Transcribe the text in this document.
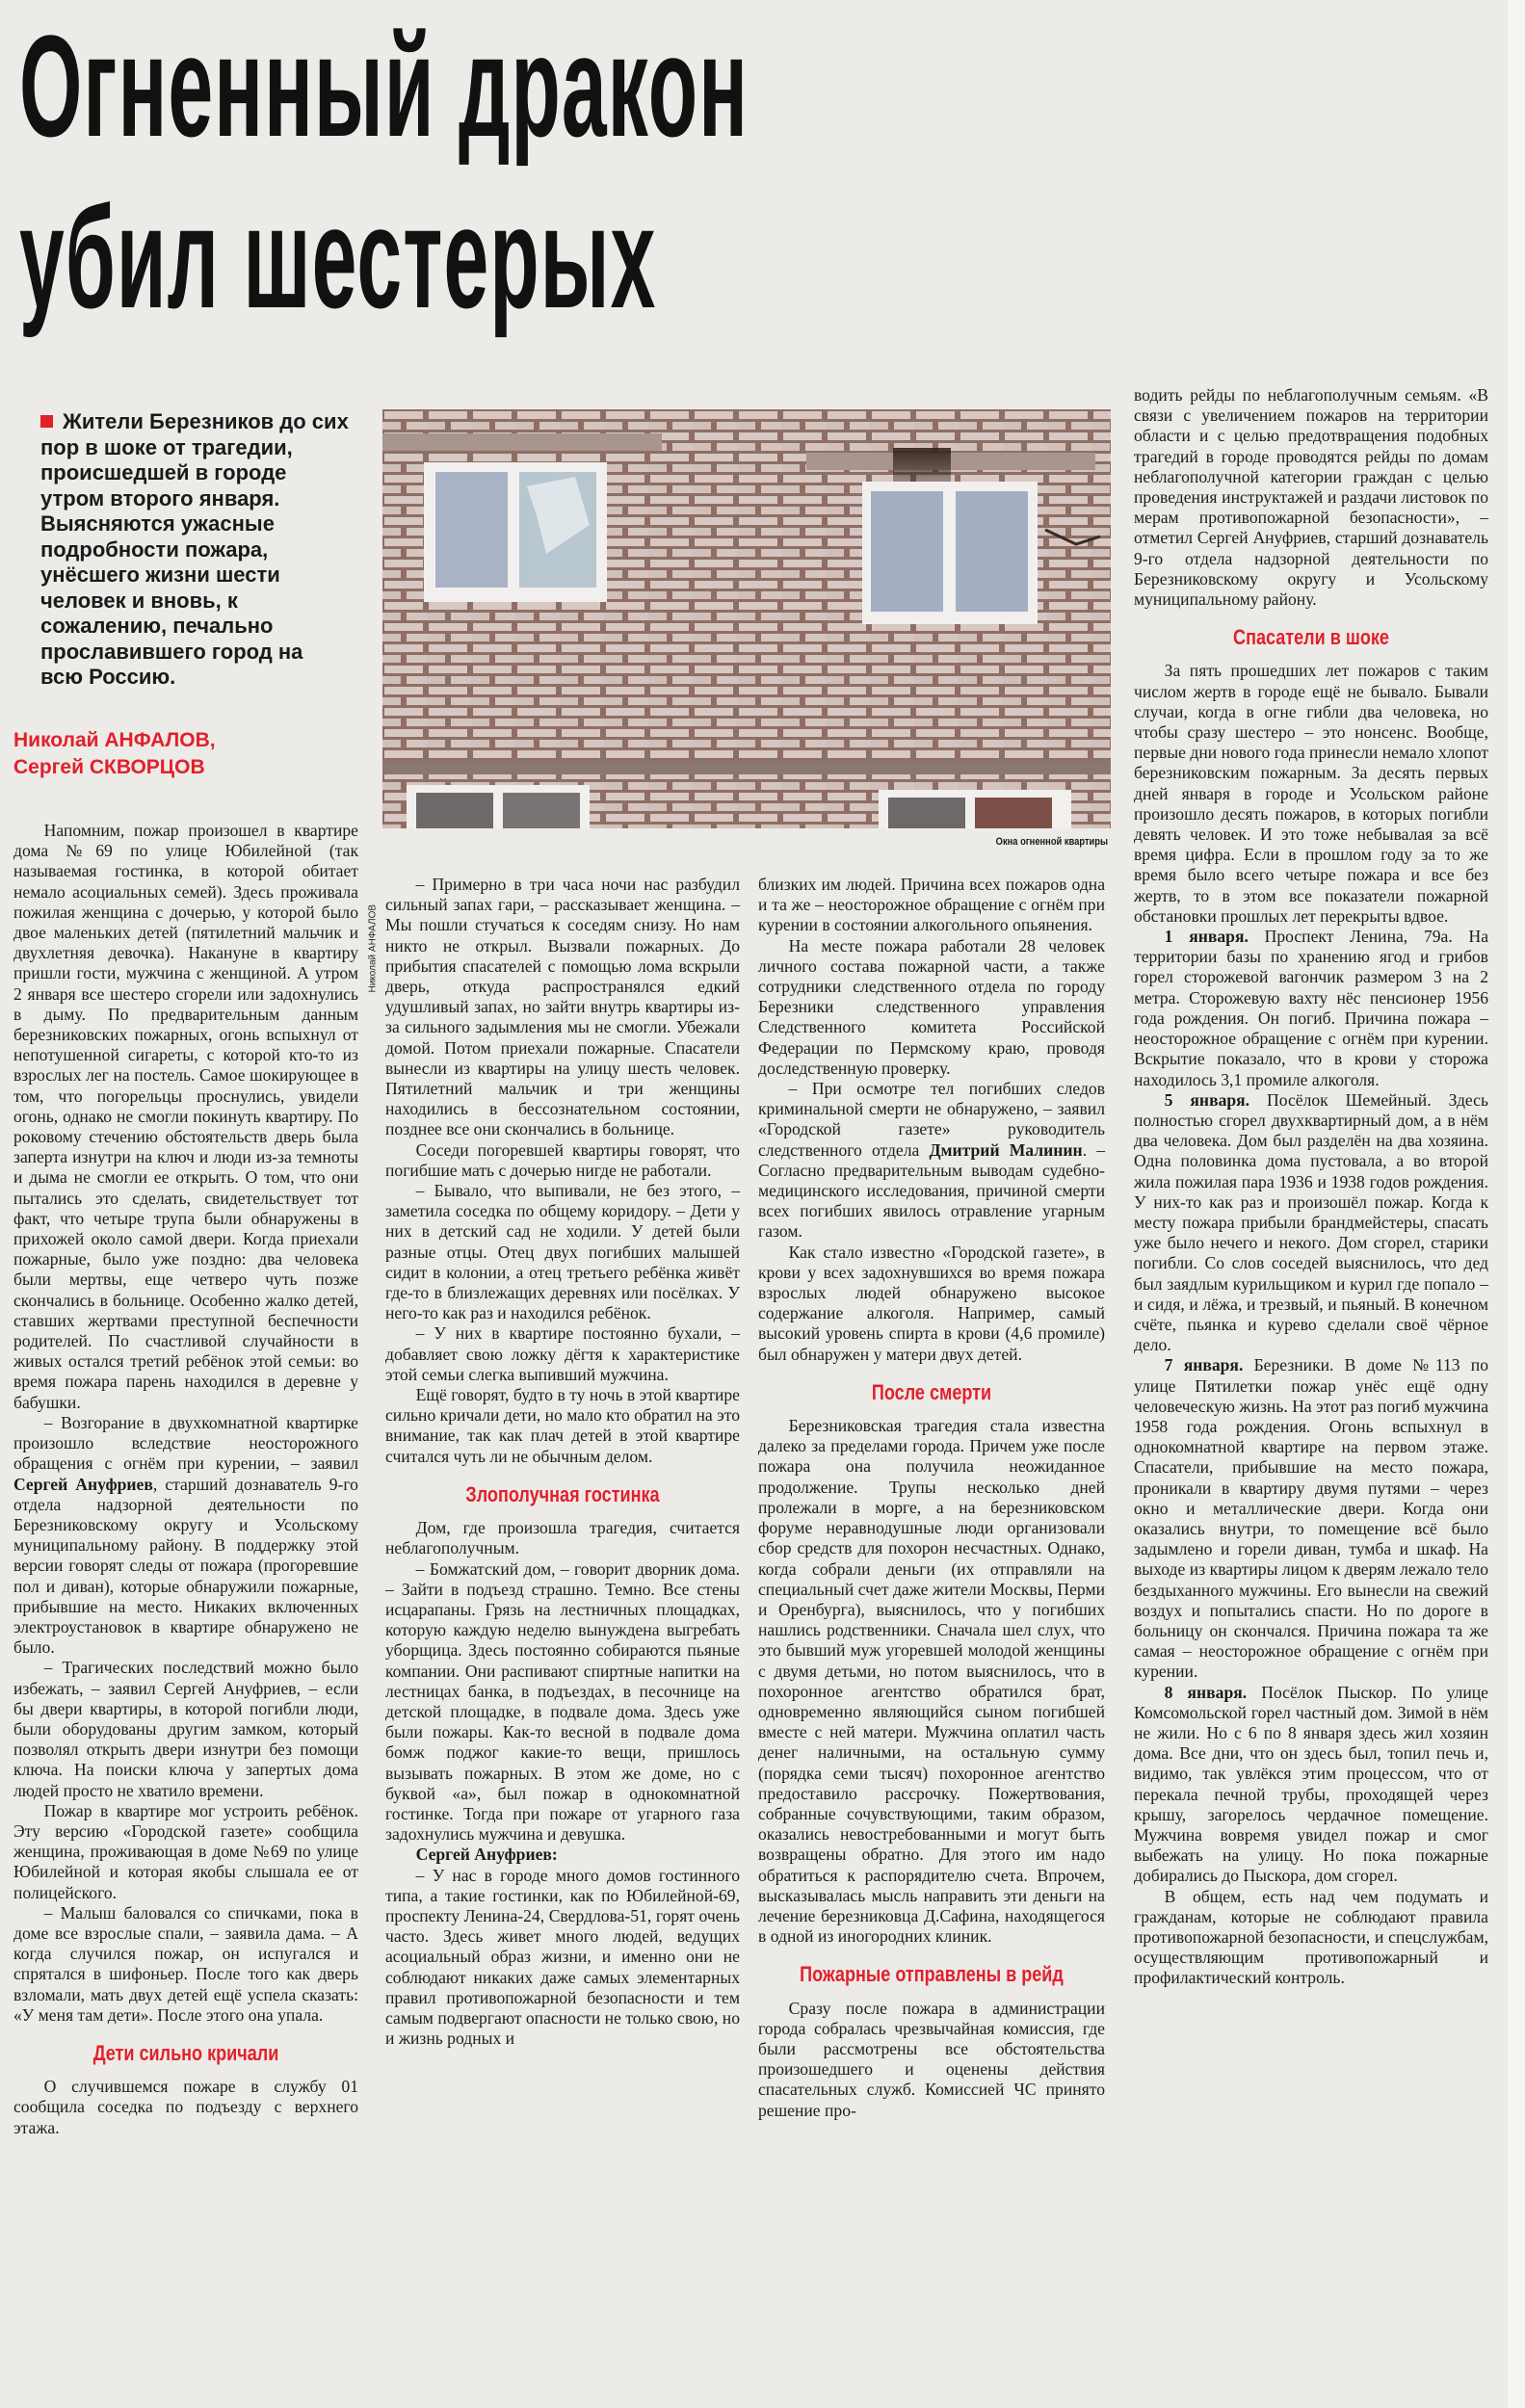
Огненный дракон
убил шестерых
Жители Березников до сих пор в шоке от трагедии, происшедшей в городе утром второго января. Выясняются ужасные подробности пожара, унёсшего жизни шести человек и вновь, к сожалению, печально прославившего город на всю Россию.
Николай АНФАЛОВ,
Сергей СКВОРЦОВ
Николай АНФАЛОВ
Окна огненной квартиры

Напомним, пожар произошел в квартире дома №69 по улице Юбилейной (так называемая гостинка, в которой обитает немало асоциальных семей). Здесь проживала пожилая женщина с дочерью, у которой было двое маленьких детей (пятилетний мальчик и двухлетняя девочка). Накануне в квартиру пришли гости, мужчина с женщиной. А утром 2 января все шестеро сгорели или задохнулись в дыму. По предварительным данным березниковских пожарных, огонь вспыхнул от непотушенной сигареты, с которой кто-то из взрослых лег на постель. Самое шокирующее в том, что погорельцы проснулись, увидели огонь, однако не смогли покинуть квартиру. По роковому стечению обстоятельств дверь была заперта изнутри на ключ и люди из-за темноты и дыма не смогли ее открыть. О том, что они пытались это сделать, свидетельствует тот факт, что четыре трупа были обнаружены в прихожей около самой двери. Когда приехали пожарные, было уже поздно: два человека были мертвы, еще четверо чуть позже скончались в больнице. Особенно жалко детей, ставших жертвами преступной беспечности родителей. По счастливой случайности в живых остался третий ребёнок этой семьи: во время пожара парень находился в деревне у бабушки.

– Возгорание в двухкомнатной квартирке произошло вследствие неосторожного обращения с огнём при курении, – заявил Сергей Ануфриев, старший дознаватель 9-го отдела надзорной деятельности по Березниковскому округу и Усольскому муниципальному району. В поддержку этой версии говорят следы от пожара (прогоревшие пол и диван), которые обнаружили пожарные, прибывшие на место. Никаких включенных электроустановок в квартире обнаружено не было.

– Трагических последствий можно было избежать, – заявил Сергей Ануфриев, – если бы двери квартиры, в которой погибли люди, были оборудованы другим замком, который позволял открыть двери изнутри без помощи ключа. На поиски ключа у запертых дома людей просто не хватило времени.

Пожар в квартире мог устроить ребёнок. Эту версию «Городской газете» сообщила женщина, проживающая в доме №69 по улице Юбилейной и которая якобы слышала ее от полицейского.

– Малыш баловался со спичками, пока в доме все взрослые спали, – заявила дама. – А когда случился пожар, он испугался и спрятался в шифоньер. После того как дверь взломали, мать двух детей ещё успела сказать: «У меня там дети». После этого она упала.

Дети сильно кричали

О случившемся пожаре в службу 01 сообщила соседка по подъезду с верхнего этажа.

– Примерно в три часа ночи нас разбудил сильный запах гари, – рассказывает женщина. – Мы пошли стучаться к соседям снизу. Но нам никто не открыл. Вызвали пожарных. До прибытия спасателей с помощью лома вскрыли дверь, откуда распространялся едкий удушливый запах, но зайти внутрь квартиры из-за сильного задымления мы не смогли. Убежали домой. Потом приехали пожарные. Спасатели вынесли из квартиры на улицу шесть человек. Пятилетний мальчик и три женщины находились в бессознательном состоянии, позднее все они скончались в больнице.

Соседи погоревшей квартиры говорят, что погибшие мать с дочерью нигде не работали.

– Бывало, что выпивали, не без этого, – заметила соседка по общему коридору. – Дети у них в детский сад не ходили. У детей были разные отцы. Отец двух погибших малышей сидит в колонии, а отец третьего ребёнка живёт где-то в близлежащих деревнях или посёлках. У него-то как раз и находился ребёнок.

– У них в квартире постоянно бухали, – добавляет свою ложку дёгтя к характеристике этой семьи слегка выпивший мужчина.

Ещё говорят, будто в ту ночь в этой квартире сильно кричали дети, но мало кто обратил на это внимание, так как плач детей в этой квартире считался чуть ли не обычным делом.

Злополучная гостинка

Дом, где произошла трагедия, считается неблагополучным.

– Бомжатский дом, – говорит дворник дома. – Зайти в подъезд страшно. Темно. Все стены исцарапаны. Грязь на лестничных площадках, которую каждую неделю вынуждена выгребать уборщица. Здесь постоянно собираются пьяные компании. Они распивают спиртные напитки на лестницах банка, в подъездах, в песочнице на детской площадке, в подвале дома. Здесь уже были пожары. Как-то весной в подвале дома бомж поджог какие-то вещи, пришлось вызывать пожарных. В этом же доме, но с буквой «а», был пожар в однокомнатной гостинке. Тогда при пожаре от угарного газа задохнулись мужчина и девушка.

Сергей Ануфриев:

– У нас в городе много домов гостинного типа, а такие гостинки, как по Юбилейной-69, проспекту Ленина-24, Свердлова-51, горят очень часто. Здесь живет много людей, ведущих асоциальный образ жизни, и именно они не соблюдают никаких даже самых элементарных правил противопожарной безопасности и тем самым подвергают опасности не только свою, но и жизнь родных и

близких им людей. Причина всех пожаров одна и та же – неосторожное обращение с огнём при курении в состоянии алкогольного опьянения.

На месте пожара работали 28 человек личного состава пожарной части, а также сотрудники следственного отдела по городу Березники следственного управления Следственного комитета Российской Федерации по Пермскому краю, проводя доследственную проверку.

– При осмотре тел погибших следов криминальной смерти не обнаружено, – заявил «Городской газете» руководитель следственного отдела Дмитрий Малинин. – Согласно предварительным выводам судебно-медицинского исследования, причиной смерти всех погибших явилось отравление угарным газом.

Как стало известно «Городской газете», в крови у всех задохнувшихся во время пожара взрослых людей обнаружено высокое содержание алкоголя. Например, самый высокий уровень спирта в крови (4,6 промиле) был обнаружен у матери двух детей.

После смерти

Березниковская трагедия стала известна далеко за пределами города. Причем уже после пожара она получила неожиданное продолжение. Трупы несколько дней пролежали в морге, а на березниковском форуме неравнодушные люди организовали сбор средств для похорон несчастных. Однако, когда собрали деньги (их отправляли на специальный счет даже жители Москвы, Перми и Оренбурга), выяснилось, что у погибших нашлись родственники. Сначала шел слух, что это бывший муж угоревшей молодой женщины с двумя детьми, но потом выяснилось, что в похоронное агентство обратился брат, одновременно являющийся сыном погибшей вместе с ней матери. Мужчина оплатил часть денег наличными, на остальную сумму (порядка семи тысяч) похоронное агентство предоставило рассрочку. Пожертвования, собранные сочувствующими, таким образом, оказались невостребованными и могут быть возвращены обратно. Для этого им надо обратиться к распорядителю счета. Впрочем, высказывалась мысль направить эти деньги на лечение березниковца Д.Сафина, находящегося в одной из иногородних клиник.

Пожарные отправлены в рейд

Сразу после пожара в администрации города собралась чрезвычайная комиссия, где были рассмотрены все обстоятельства произошедшего и оценены действия спасательных служб. Комиссией ЧС принято решение про-

водить рейды по неблагополучным семьям. «В связи с увеличением пожаров на территории области и с целью предотвращения подобных трагедий в городе проводятся рейды по домам неблагополучной категории граждан с целью проведения инструктажей и раздачи листовок по мерам противопожарной безопасности», – отметил Сергей Ануфриев, старший дознаватель 9-го отдела надзорной деятельности по Березниковскому округу и Усольскому муниципальному району.

Спасатели в шоке

За пять прошедших лет пожаров с таким числом жертв в городе ещё не бывало. Бывали случаи, когда в огне гибли два человека, но чтобы сразу шестеро – это нонсенс. Вообще, первые дни нового года принесли немало хлопот березниковским пожарным. За десять первых дней января в городе и Усольском районе произошло десять пожаров, в которых погибли девять человек. И это тоже небывалая за всё время цифра. Если в прошлом году за то же время было всего четыре пожара и все без жертв, то в этом все показатели пожарной обстановки прошлых лет перекрыты вдвое.

1 января. Проспект Ленина, 79а. На территории базы по хранению ягод и грибов горел сторожевой вагончик размером 3 на 2 метра. Сторожевую вахту нёс пенсионер 1956 года рождения. Он погиб. Причина пожара – неосторожное обращение с огнём при курении. Вскрытие показало, что в крови у сторожа находилось 3,1 промиле алкоголя.

5 января. Посёлок Шемейный. Здесь полностью сгорел двухквартирный дом, а в нём два человека. Дом был разделён на два хозяина. Одна половинка дома пустовала, а во второй жила пожилая пара 1936 и 1938 годов рождения. У них-то как раз и произошёл пожар. Когда к месту пожара прибыли брандмейстеры, спасать уже было нечего и некого. Дом сгорел, старики погибли. Со слов соседей выяснилось, что дед был заядлым курильщиком и курил где попало – и сидя, и лёжа, и трезвый, и пьяный. В конечном счёте, пьянка и курево сделали своё чёрное дело.

7 января. Березники. В доме №113 по улице Пятилетки пожар унёс ещё одну человеческую жизнь. На этот раз погиб мужчина 1958 года рождения. Огонь вспыхнул в однокомнатной квартире на первом этаже. Спасатели, прибывшие на место пожара, проникали в квартиру двумя путями – через окно и металлические двери. Когда они оказались внутри, то помещение всё было задымлено и горели диван, тумба и шкаф. На выходе из квартиры лицом к дверям лежало тело бездыханного мужчины. Его вынесли на свежий воздух и попытались спасти. Но по дороге в больницу он скончался. Причина пожара та же самая – неосторожное обращение с огнём при курении.

8 января. Посёлок Пыскор. По улице Комсомольской горел частный дом. Зимой в нём не жили. Но с 6 по 8 января здесь жил хозяин дома. Все дни, что он здесь был, топил печь и, видимо, так увлёкся этим процессом, что от перекала печной трубы, проходящей через крышу, загорелось чердачное помещение. Мужчина вовремя увидел пожар и смог выбежать на улицу. Но пока пожарные добирались до Пыскора, дом сгорел.

В общем, есть над чем подумать и гражданам, которые не соблюдают правила противопожарной безопасности, и спецслужбам, осуществляющим противопожарный и профилактический контроль.
